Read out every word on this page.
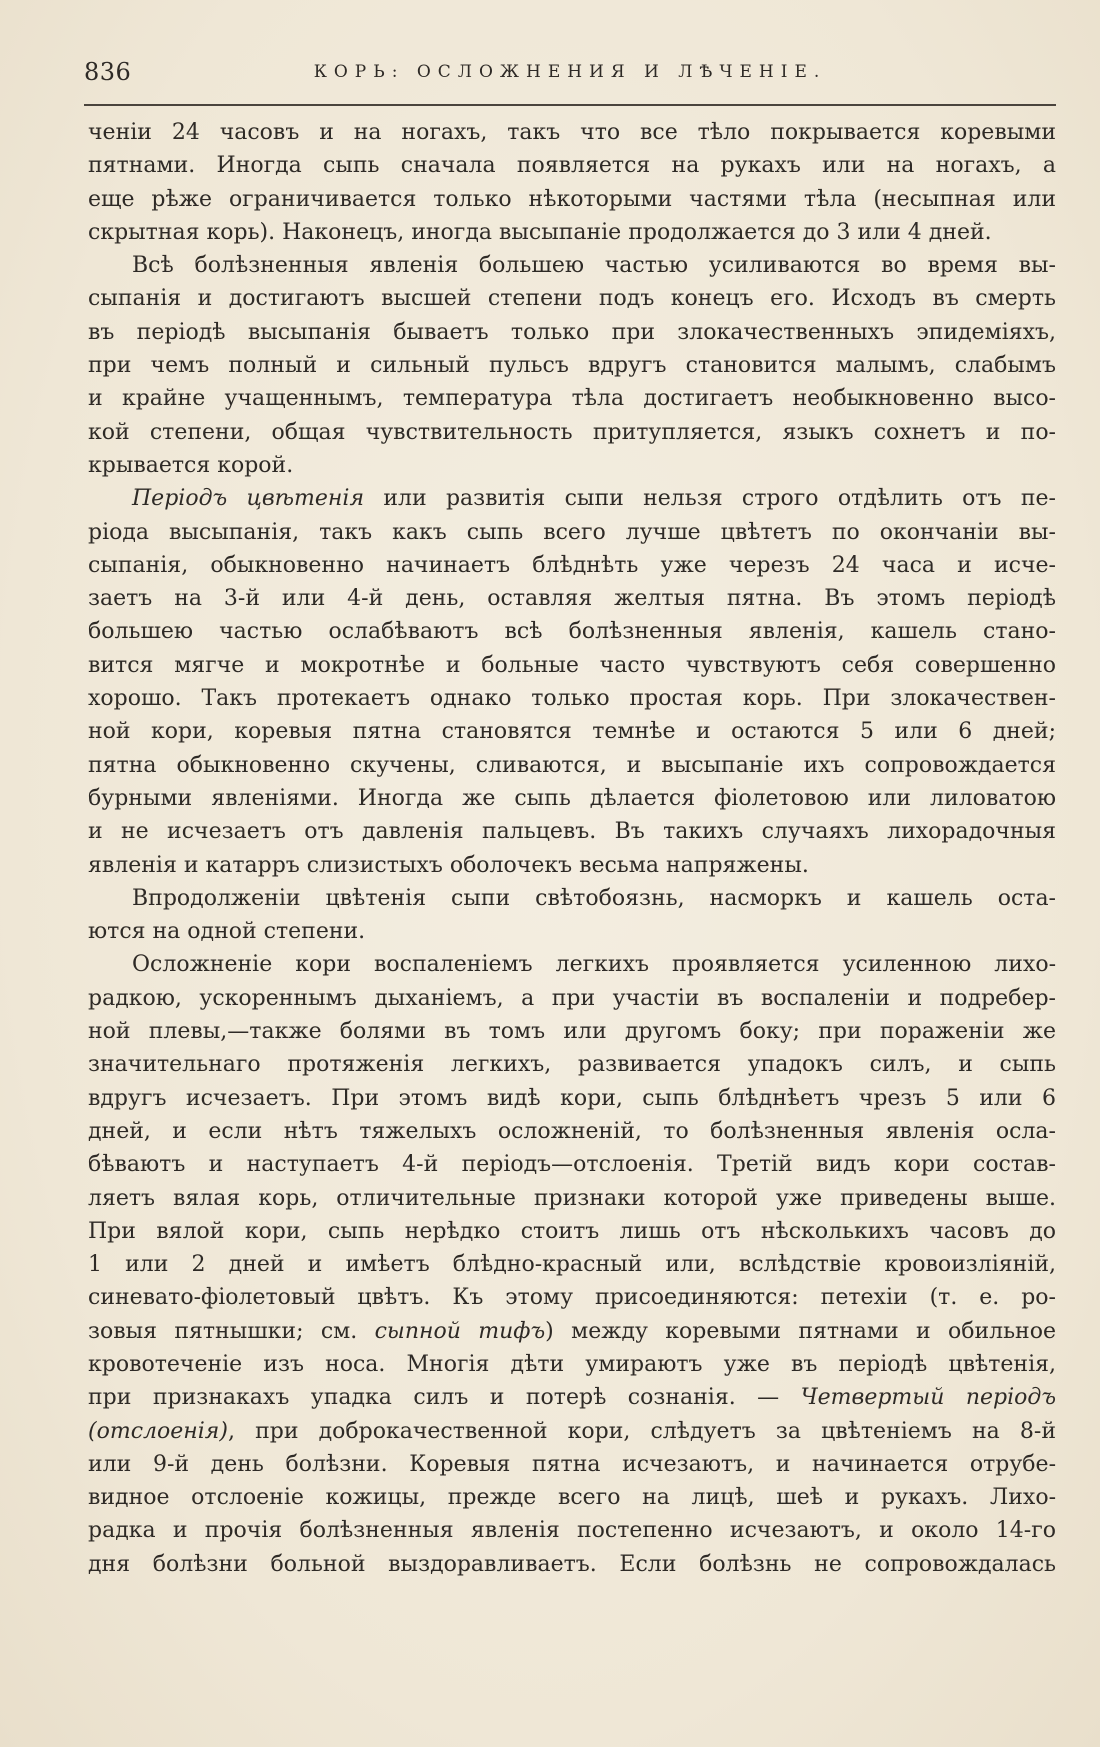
836	КОРЬ: ОСЛОЖНЕНИЯ И ЛѢЧЕНIЕ.
ченiи 24 часовъ и на ногахъ, такъ что все тѣло покрывается коревыми
пятнами. Иногда сыпь сначала появляется на рукахъ или на ногахъ, а
еще рѣже ограничивается только нѣкоторыми частями тѣла (несыпная или
скрытная корь). Наконецъ, иногда высыпанiе продолжается до 3 или 4 дней.
Всѣ болѣзненныя явленiя большею частью усиливаются во время вы-
сыпанiя и достигаютъ высшей степени подъ конецъ его. Исходъ въ смерть
въ перiодѣ высыпанiя бываетъ только при злокачественныхъ эпидемiяхъ,
при чемъ полный и сильный пульсъ вдругъ становится малымъ, слабымъ
и крайне учащеннымъ, температура тѣла достигаетъ необыкновенно высо-
кой степени, общая чувствительность притупляется, языкъ сохнетъ и по-
крывается корой.
Перiодъ цвѣтенiя или развитiя сыпи нельзя строго отдѣлить отъ пе-
рiода высыпанiя, такъ какъ сыпь всего лучше цвѣтетъ по окончанiи вы-
сыпанiя, обыкновенно начинаетъ блѣднѣть уже черезъ 24 часа и исче-
заетъ на 3-й или 4-й день, оставляя желтыя пятна. Въ этомъ перiодѣ
большею частью ослабѣваютъ всѣ болѣзненныя явленiя, кашель стано-
вится мягче и мокротнѣе и больные часто чувствуютъ себя совершенно
хорошо. Такъ протекаетъ однако только простая корь. При злокачествен-
ной кори, коревыя пятна становятся темнѣе и остаются 5 или 6 дней;
пятна обыкновенно скучены, сливаются, и высыпанiе ихъ сопровождается
бурными явленiями. Иногда же сыпь дѣлается фiолетовою или лиловатою
и не исчезаетъ отъ давленiя пальцевъ. Въ такихъ случаяхъ лихорадочныя
явленiя и катарръ слизистыхъ оболочекъ весьма напряжены.
Впродолженiи цвѣтенiя сыпи свѣтобоязнь, насморкъ и кашель оста-
ются на одной степени.
Осложненiе кори воспаленiемъ легкихъ проявляется усиленною лихо-
радкою, ускореннымъ дыханiемъ, а при участiи въ воспаленiи и подребер-
ной плевы,—также болями въ томъ или другомъ боку; при пораженiи же
значительнаго протяженiя легкихъ, развивается упадокъ силъ, и сыпь
вдругъ исчезаетъ. При этомъ видѣ кори, сыпь блѣднѣетъ чрезъ 5 или 6
дней, и если нѣтъ тяжелыхъ осложненiй, то болѣзненныя явленiя осла-
бѣваютъ и наступаетъ 4-й перiодъ—отслоенiя. Третiй видъ кори состав-
ляетъ вялая корь, отличительные признаки которой уже приведены выше.
При вялой кори, сыпь нерѣдко стоитъ лишь отъ нѣсколькихъ часовъ до
1 или 2 дней и имѣетъ блѣдно-красный или, вслѣдствiе кровоизлiянiй,
синевато-фiолетовый цвѣтъ. Къ этому присоединяются: петехiи (т. е. ро-
зовыя пятнышки; см. сыпной тифъ) между коревыми пятнами и обильное
кровотеченiе изъ носа. Многiя дѣти умираютъ уже въ перiодѣ цвѣтенiя,
при признакахъ упадка силъ и потерѣ сознанiя. — Четвертый перiодъ
(отслоенiя), при доброкачественной кори, слѣдуетъ за цвѣтенiемъ на 8-й
или 9-й день болѣзни. Коревыя пятна исчезаютъ, и начинается отрубе-
видное отслоенiе кожицы, прежде всего на лицѣ, шеѣ и рукахъ. Лихо-
радка и прочiя болѣзненныя явленiя постепенно исчезаютъ, и около 14-го
дня болѣзни больной выздоравливаетъ. Если болѣзнь не сопровождалась
